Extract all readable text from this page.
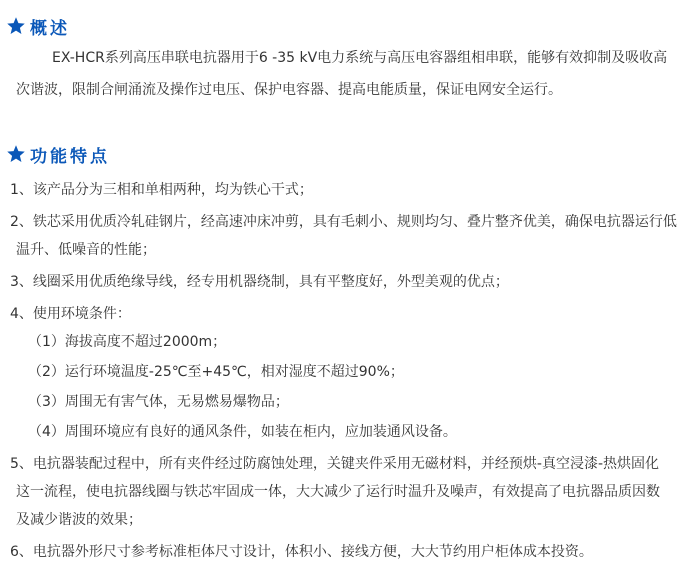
概述
EX-HCR系列高压串联电抗器用于6 -35 kV电力系统与高压电容器组相串联，能够有效抑制及吸收高
次谐波，限制合闸涌流及操作过电压、保护电容器、提高电能质量，保证电网安全运行。
功能特点
1、该产品分为三相和单相两种，均为铁心干式；
2、铁芯采用优质冷轧硅钢片，经高速冲床冲剪，具有毛刺小、规则均匀、叠片整齐优美，确保电抗器运行低
温升、低噪音的性能；
3、线圈采用优质绝缘导线，经专用机器绕制，具有平整度好，外型美观的优点；
4、使用环境条件：
（1）海拔高度不超过2000m；
（2）运行环境温度-25℃至+45℃，相对湿度不超过90%；
（3）周围无有害气体，无易燃易爆物品；
（4）周围环境应有良好的通风条件，如装在柜内，应加装通风设备。
5、电抗器装配过程中，所有夹件经过防腐蚀处理，关键夹件采用无磁材料，并经预烘-真空浸漆-热烘固化
这一流程，使电抗器线圈与铁芯牢固成一体，大大减少了运行时温升及噪声，有效提高了电抗器品质因数
及减少谐波的效果；
6、电抗器外形尺寸参考标准柜体尺寸设计，体积小、接线方便，大大节约用户柜体成本投资。
